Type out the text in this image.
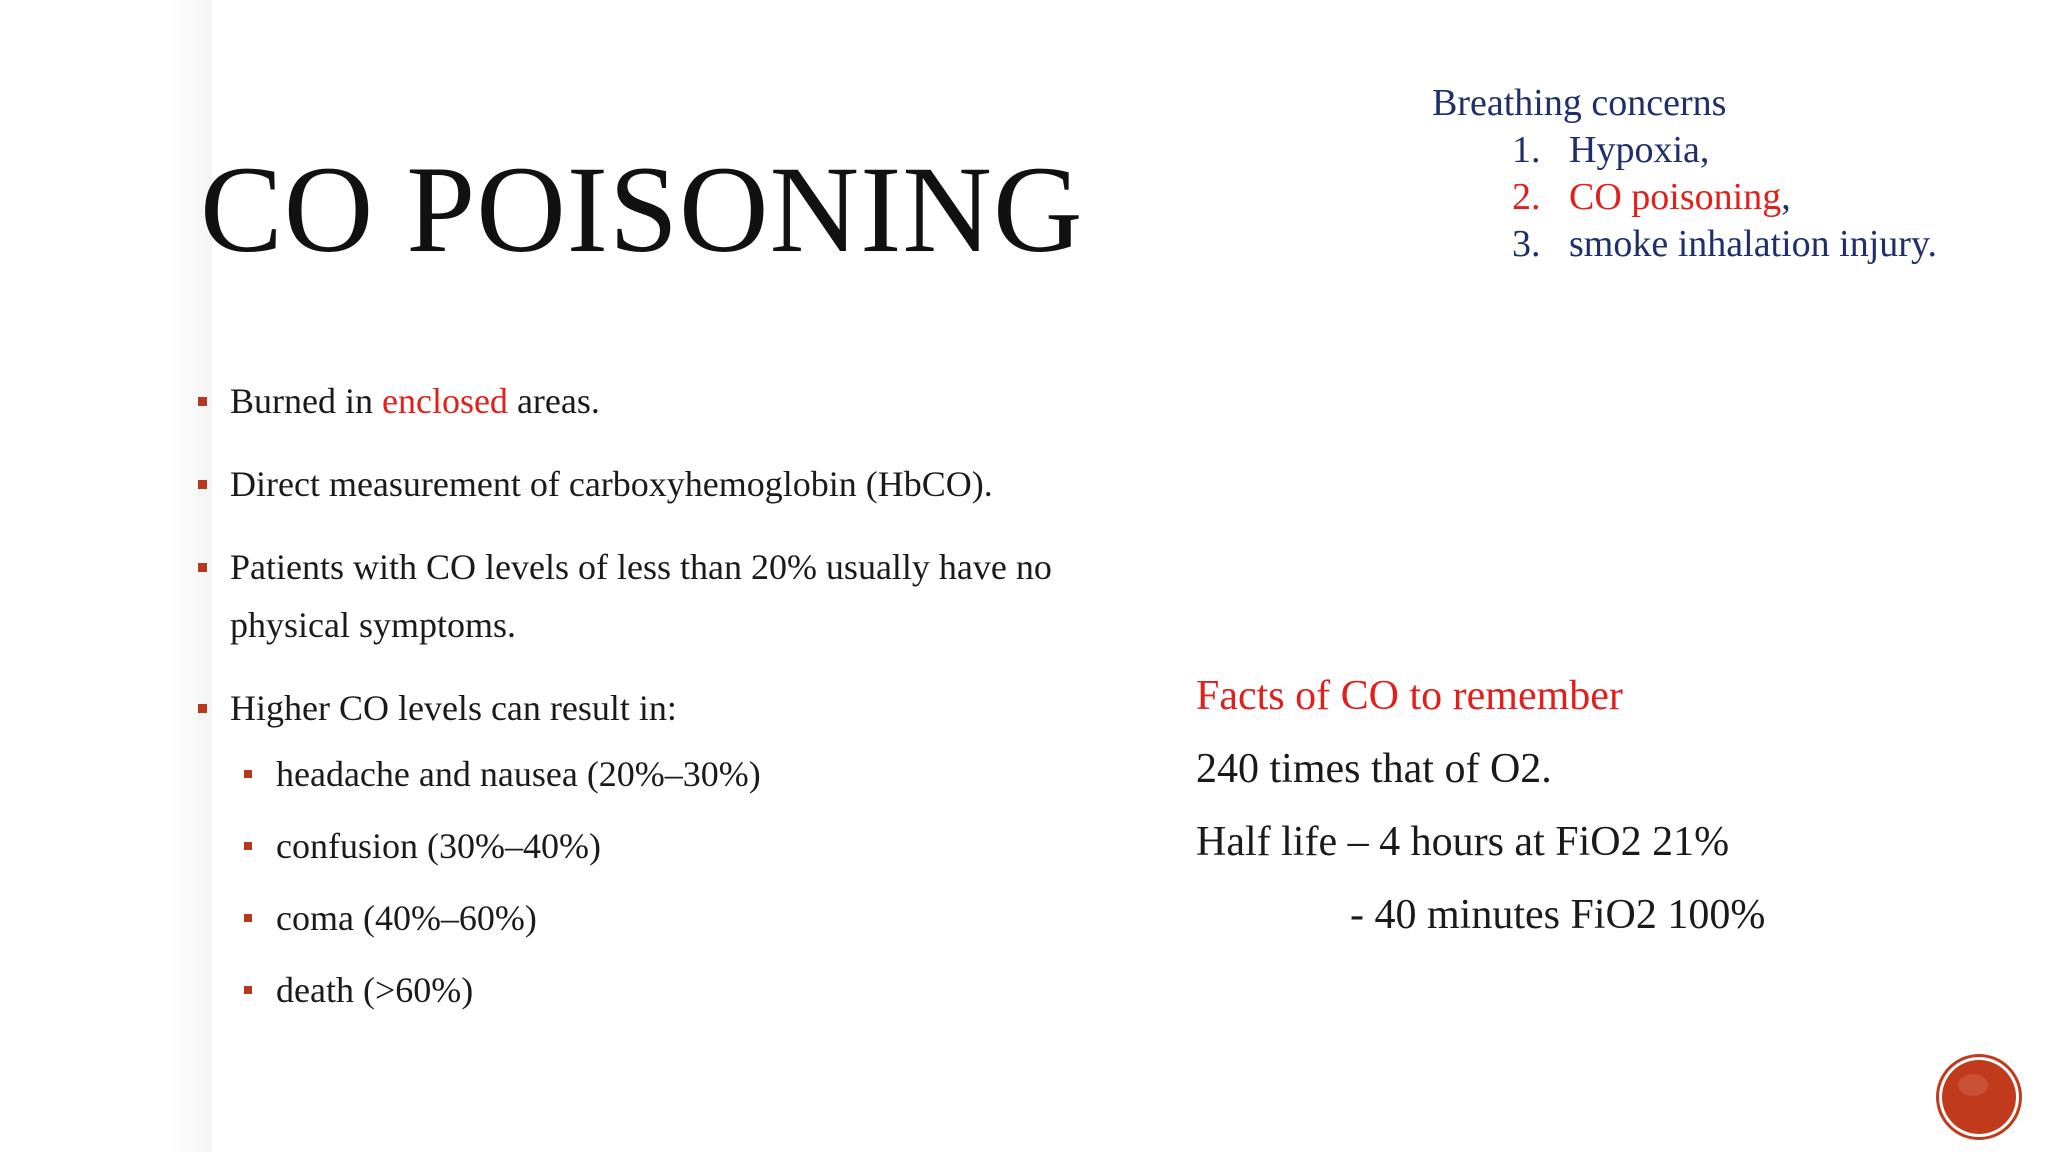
CO POISONING
Breathing concerns
1. Hypoxia,
2. CO poisoning,
3. smoke inhalation injury.
Burned in enclosed areas.
Direct measurement of carboxyhemoglobin (HbCO).
Patients with CO levels of less than 20% usually have no physical symptoms.
Higher CO levels can result in:
headache and nausea (20%–30%)
confusion (30%–40%)
coma (40%–60%)
death (>60%)
Facts of CO to remember
240 times that of O2.
Half life – 4 hours at FiO2 21%
- 40 minutes FiO2 100%
